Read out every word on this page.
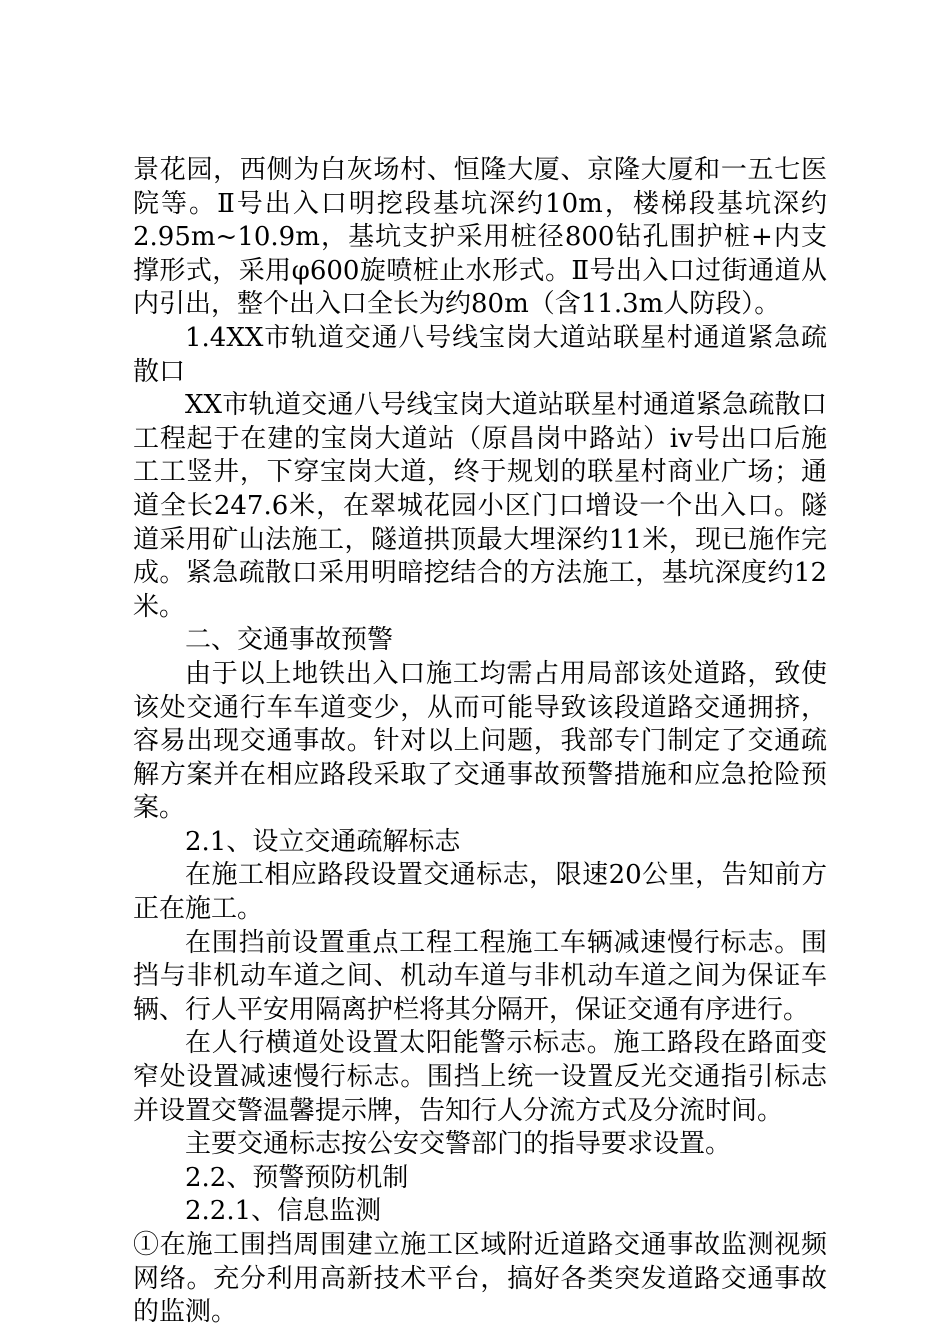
景花园，西侧为白灰场村、恒隆大厦、京隆大厦和一五七医院等。Ⅱ号出入口明挖段基坑深约10m，楼梯段基坑深约2.95m~10.9m，基坑支护采用桩径800钻孔围护桩+内支撑形式，采用φ600旋喷桩止水形式。Ⅱ号出入口过街通道从内引出，整个出入口全长为约80m（含11.3m人防段）。

1.4XX市轨道交通八号线宝岗大道站联星村通道紧急疏散口

XX市轨道交通八号线宝岗大道站联星村通道紧急疏散口工程起于在建的宝岗大道站（原昌岗中路站）iv号出口后施工工竖井，下穿宝岗大道，终于规划的联星村商业广场；通道全长247.6米，在翠城花园小区门口增设一个出入口。隧道采用矿山法施工，隧道拱顶最大埋深约11米，现已施作完成。紧急疏散口采用明暗挖结合的方法施工，基坑深度约12米。

二、交通事故预警

由于以上地铁出入口施工均需占用局部该处道路，致使该处交通行车车道变少，从而可能导致该段道路交通拥挤，容易出现交通事故。针对以上问题，我部专门制定了交通疏解方案并在相应路段采取了交通事故预警措施和应急抢险预案。

2.1、设立交通疏解标志

在施工相应路段设置交通标志，限速20公里，告知前方正在施工。

在围挡前设置重点工程工程施工车辆减速慢行标志。围挡与非机动车道之间、机动车道与非机动车道之间为保证车辆、行人平安用隔离护栏将其分隔开，保证交通有序进行。

在人行横道处设置太阳能警示标志。施工路段在路面变窄处设置减速慢行标志。围挡上统一设置反光交通指引标志并设置交警温馨提示牌，告知行人分流方式及分流时间。

主要交通标志按公安交警部门的指导要求设置。

2.2、预警预防机制

2.2.1、信息监测

①在施工围挡周围建立施工区域附近道路交通事故监测视频网络。充分利用高新技术平台，搞好各类突发道路交通事故的监测。
